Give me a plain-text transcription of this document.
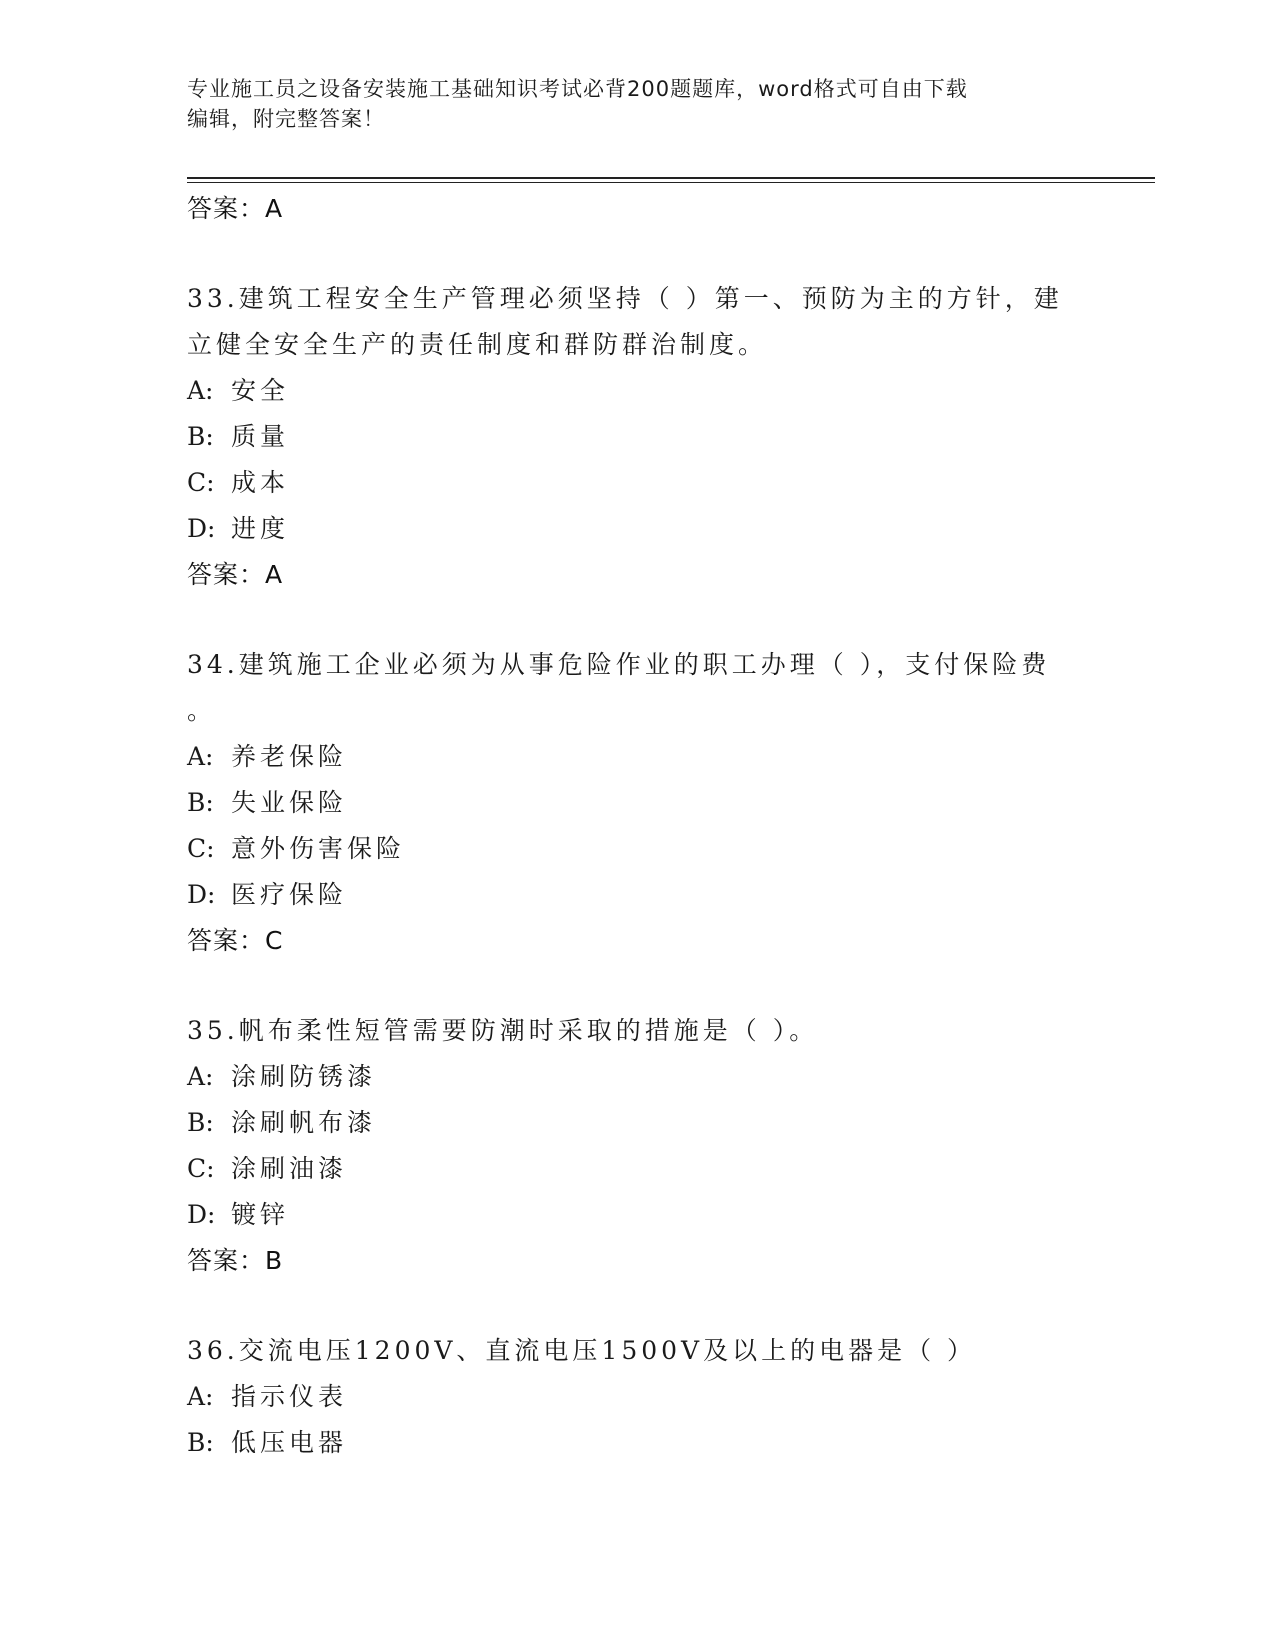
专业施工员之设备安装施工基础知识考试必背200题题库，word格式可自由下载
编辑，附完整答案！
答案：A
33.建筑工程安全生产管理必须坚持（ ）第一、预防为主的方针，建
立健全安全生产的责任制度和群防群治制度。
A: 安全
B: 质量
C: 成本
D: 进度
答案：A
34.建筑施工企业必须为从事危险作业的职工办理（ ），支付保险费
。
A: 养老保险
B: 失业保险
C: 意外伤害保险
D: 医疗保险
答案：C
35.帆布柔性短管需要防潮时采取的措施是（ ）。
A: 涂刷防锈漆
B: 涂刷帆布漆
C: 涂刷油漆
D: 镀锌
答案：B
36.交流电压1200V、直流电压1500V及以上的电器是（ ）
A: 指示仪表
B: 低压电器
